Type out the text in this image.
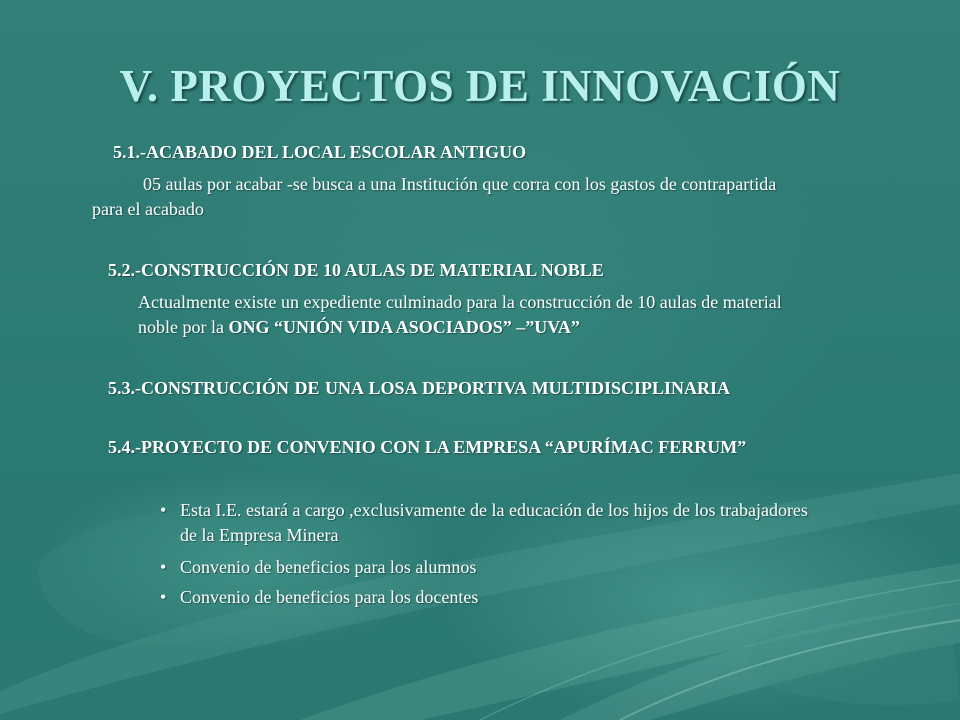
V. PROYECTOS DE INNOVACIÓN
5.1.-ACABADO DEL LOCAL ESCOLAR ANTIGUO
05 aulas por acabar -se busca a una Institución que corra con los gastos de contrapartida
para el acabado
5.2.-CONSTRUCCIÓN DE 10 AULAS DE MATERIAL NOBLE
Actualmente existe un expediente culminado para la construcción de 10 aulas de material
noble por la ONG “UNIÓN VIDA ASOCIADOS” –”UVA”
5.3.-CONSTRUCCIÓN DE UNA LOSA DEPORTIVA MULTIDISCIPLINARIA
5.4.-PROYECTO DE CONVENIO CON LA EMPRESA “APURÍMAC FERRUM”
• Esta I.E. estará a cargo ,exclusivamente de la educación de los hijos de los trabajadores
de la Empresa Minera
• Convenio de beneficios para los alumnos
• Convenio de beneficios para los docentes
